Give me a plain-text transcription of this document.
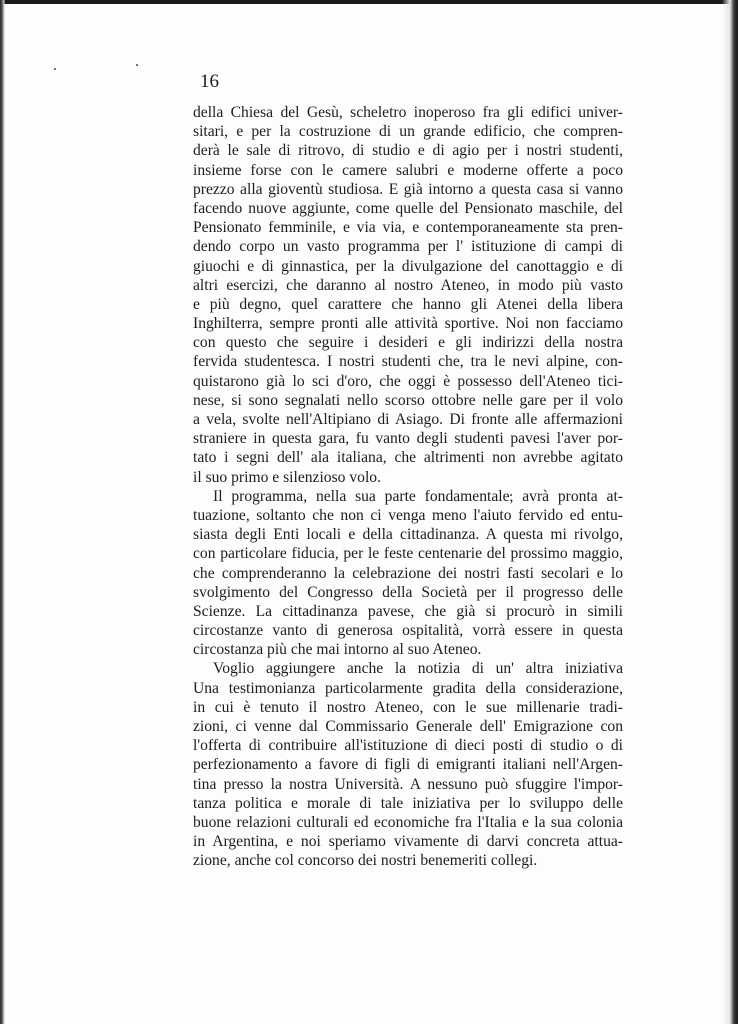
16
della Chiesa del Gesù, scheletro inoperoso fra gli edifici univer-
sitari, e per la costruzione di un grande edificio, che compren-
derà le sale di ritrovo, di studio e di agio per i nostri studenti,
insieme forse con le camere salubri e moderne offerte a poco
prezzo alla gioventù studiosa. E già intorno a questa casa si vanno
facendo nuove aggiunte, come quelle del Pensionato maschile, del
Pensionato femminile, e via via, e contemporaneamente sta pren-
dendo corpo un vasto programma per l' istituzione di campi di
giuochi e di ginnastica, per la divulgazione del canottaggio e di
altri esercizi, che daranno al nostro Ateneo, in modo più vasto
e più degno, quel carattere che hanno gli Atenei della libera
Inghilterra, sempre pronti alle attività sportive. Noi non facciamo
con questo che seguire i desideri e gli indirizzi della nostra
fervida studentesca. I nostri studenti che, tra le nevi alpine, con-
quistarono già lo sci d'oro, che oggi è possesso dell'Ateneo tici-
nese, si sono segnalati nello scorso ottobre nelle gare per il volo
a vela, svolte nell'Altipiano di Asiago. Di fronte alle affermazioni
straniere in questa gara, fu vanto degli studenti pavesi l'aver por-
tato i segni dell' ala italiana, che altrimenti non avrebbe agitato
il suo primo e silenzioso volo.
Il programma, nella sua parte fondamentale, avrà pronta at-
tuazione, soltanto che non ci venga meno l'aiuto fervido ed entu-
siasta degli Enti locali e della cittadinanza. A questa mi rivolgo,
con particolare fiducia, per le feste centenarie del prossimo maggio,
che comprenderanno la celebrazione dei nostri fasti secolari e lo
svolgimento del Congresso della Società per il progresso delle
Scienze. La cittadinanza pavese, che già si procurò in simili
circostanze vanto di generosa ospitalità, vorrà essere in questa
circostanza più che mai intorno al suo Ateneo.
Voglio aggiungere anche la notizia di un' altra iniziativa
Una testimonianza particolarmente gradita della considerazione,
in cui è tenuto il nostro Ateneo, con le sue millenarie tradi-
zioni, ci venne dal Commissario Generale dell' Emigrazione con
l'offerta di contribuire all'istituzione di dieci posti di studio o di
perfezionamento a favore di figli di emigranti italiani nell'Argen-
tina presso la nostra Università. A nessuno può sfuggire l'impor-
tanza politica e morale di tale iniziativa per lo sviluppo delle
buone relazioni culturali ed economiche fra l'Italia e la sua colonia
in Argentina, e noi speriamo vivamente di darvi concreta attua-
zione, anche col concorso dei nostri benemeriti collegi.
